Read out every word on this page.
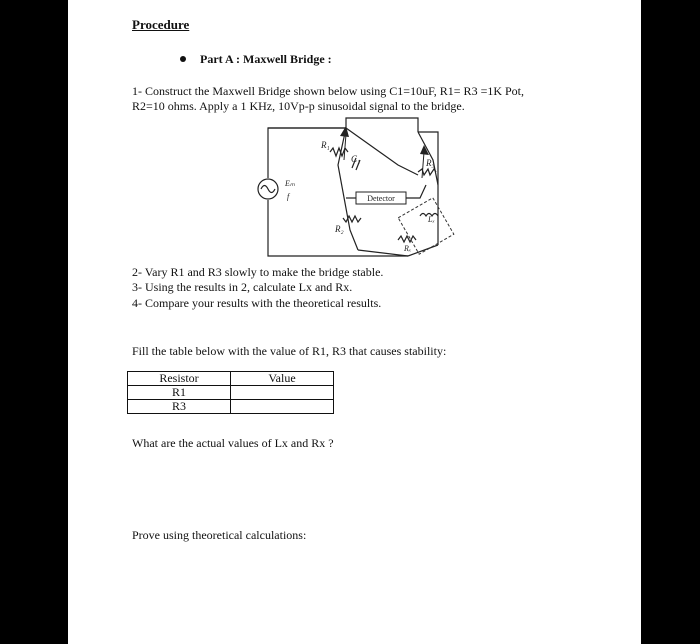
Procedure
Part A : Maxwell Bridge :
1- Construct the Maxwell Bridge shown below using C1=10uF, R1= R3 =1K Pot,
R2=10 ohms. Apply a 1 KHz, 10Vp-p sinusoidal signal to the bridge.
Detector
R₁
C₁	R₃
R₂
Eₘ
f
Lₓ
Rₓ
2- Vary R1 and R3 slowly to make the bridge stable.
3- Using the results in 2, calculate Lx and Rx.
4- Compare your results with the theoretical results.
Fill the table below with the value of R1, R3 that causes stability:
Resistor	Value
R1	
R3	
What are the actual values of Lx and Rx ?
Prove using theoretical calculations:
